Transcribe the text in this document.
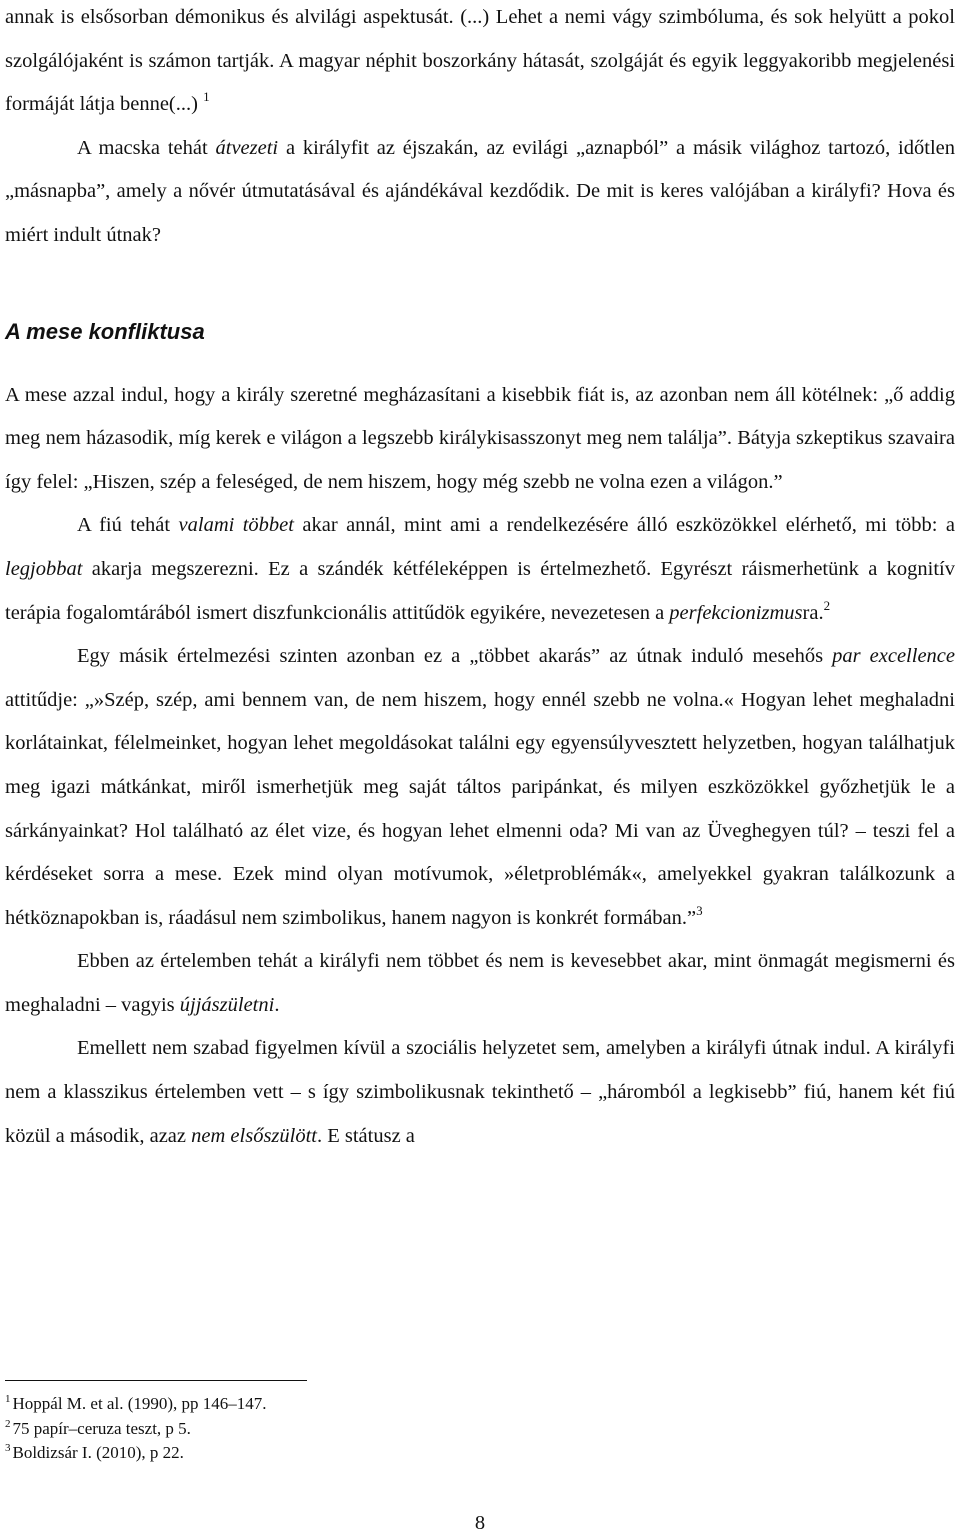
annak is elsősorban démonikus és alvilági aspektusát. (...) Lehet a nemi vágy szimbóluma, és sok helyütt a pokol szolgálójaként is számon tartják. A magyar néphit boszorkány hátasát, szolgáját és egyik leggyakoribb megjelenési formáját látja benne(...) $^1$

A macska tehát átvezeti a királyfit az éjszakán, az evilági „aznapból” a másik világhoz tartozó, időtlen „másnapba”, amely a nővér útmutatásával és ajándékával kezdődik. De mit is keres valójában a királyfi? Hova és miért indult útnak?

A mese konfliktusa

A mese azzal indul, hogy a király szeretné megházasítani a kisebbik fiát is, az azonban nem áll kötélnek: „ő addig meg nem házasodik, míg kerek e világon a legszebb királykisasszonyt meg nem találja”. Bátyja szkeptikus szavaira így felel: „Hiszen, szép a feleséged, de nem hiszem, hogy még szebb ne volna ezen a világon.”

A fiú tehát valami többet akar annál, mint ami a rendelkezésére álló eszközökkel elérhető, mi több: a legjobbat akarja megszerezni. Ez a szándék kétféleképpen is értelmezhető. Egyrészt ráismerhetünk a kognitív terápia fogalomtárából ismert diszfunkcionális attitűdök egyikére, nevezetesen a perfekcionizmusra.$^2$

Egy másik értelmezési szinten azonban ez a „többet akarás” az útnak induló mesehős par excellence attitűdje: „»Szép, szép, ami bennem van, de nem hiszem, hogy ennél szebb ne volna.« Hogyan lehet meghaladni korlátainkat, félelmeinket, hogyan lehet megoldásokat találni egy egyensúlyvesztett helyzetben, hogyan találhatjuk meg igazi mátkánkat, miről ismerhetjük meg saját táltos paripánkat, és milyen eszközökkel győzhetjük le a sárkányainkat? Hol található az élet vize, és hogyan lehet elmenni oda? Mi van az Üveghegyen túl? – teszi fel a kérdéseket sorra a mese. Ezek mind olyan motívumok, »életproblémák«, amelyekkel gyakran találkozunk a hétköznapokban is, ráadásul nem szimbolikus, hanem nagyon is konkrét formában.”$^3$

Ebben az értelemben tehát a királyfi nem többet és nem is kevesebbet akar, mint önmagát megismerni és meghaladni – vagyis újjászületni.

Emellett nem szabad figyelmen kívül a szociális helyzetet sem, amelyben a királyfi útnak indul. A királyfi nem a klasszikus értelemben vett – s így szimbolikusnak tekinthető – „háromból a legkisebb” fiú, hanem két fiú közül a második, azaz nem elsőszülött. E státusz a

$^1$ Hoppál M. et al. (1990), pp 146–147.

$^2$ 75 papír–ceruza teszt, p 5.

$^3$ Boldizsár I. (2010), p 22.

8
